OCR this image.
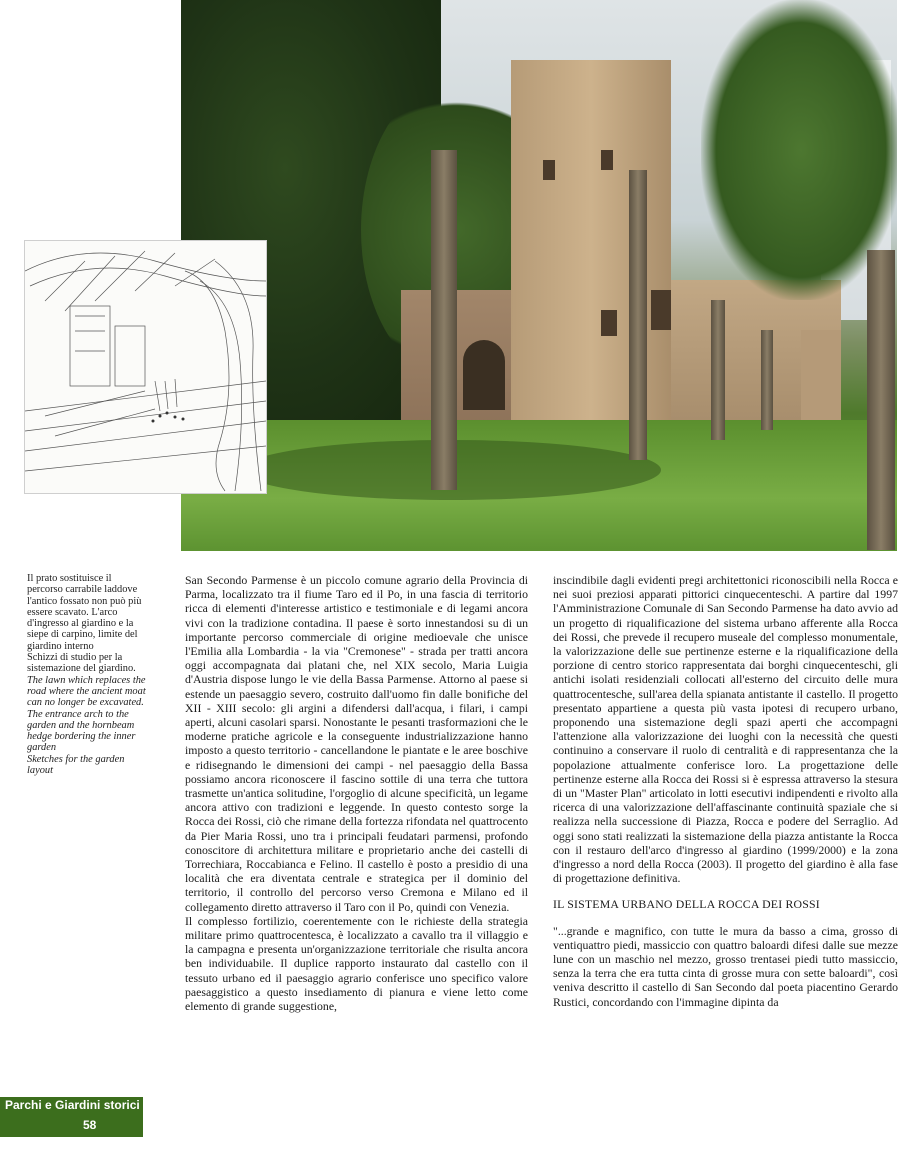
Il prato sostituisce il percorso carrabile laddove l'antico fossato non può più essere scavato. L'arco d'ingresso al giardino e la siepe di carpino, limite del giardino interno

Schizzi di studio per la sistemazione del giardino.

The lawn which replaces the road where the ancient moat can no longer be excavated. The entrance arch to the garden and the hornbeam hedge bordering the inner garden

Sketches for the garden layout

San Secondo Parmense è un piccolo comune agrario della Provincia di Parma, localizzato tra il fiume Taro ed il Po, in una fascia di territorio ricca di elementi d'interesse artistico e testimoniale e di legami ancora vivi con la tradizione contadina. Il paese è sorto innestandosi su di un importante percorso commerciale di origine medioevale che unisce l'Emilia alla Lombardia - la via "Cremonese" - strada per tratti ancora oggi accompagnata dai platani che, nel XIX secolo, Maria Luigia d'Austria dispose lungo le vie della Bassa Parmense. Attorno al paese si estende un paesaggio severo, costruito dall'uomo fin dalle bonifiche del XII - XIII secolo: gli argini a difendersi dall'acqua, i filari, i campi aperti, alcuni casolari sparsi. Nonostante le pesanti trasformazioni che le moderne pratiche agricole e la conseguente industrializzazione hanno imposto a questo territorio - cancellandone le piantate e le aree boschive e ridisegnando le dimensioni dei campi - nel paesaggio della Bassa possiamo ancora riconoscere il fascino sottile di una terra che tuttora trasmette un'antica solitudine, l'orgoglio di alcune specificità, un legame ancora attivo con tradizioni e leggende. In questo contesto sorge la Rocca dei Rossi, ciò che rimane della fortezza rifondata nel quattrocento da Pier Maria Rossi, uno tra i principali feudatari parmensi, profondo conoscitore di architettura militare e proprietario anche dei castelli di Torrechiara, Roccabianca e Felino. Il castello è posto a presidio di una località che era diventata centrale e strategica per il dominio del territorio, il controllo del percorso verso Cremona e Milano ed il collegamento diretto attraverso il Taro con il Po, quindi con Venezia.

Il complesso fortilizio, coerentemente con le richieste della strategia militare primo quattrocentesca, è localizzato a cavallo tra il villaggio e la campagna e presenta un'organizzazione territoriale che risulta ancora ben individuabile. Il duplice rapporto instaurato dal castello con il tessuto urbano ed il paesaggio agrario conferisce uno specifico valore paesaggistico a questo insediamento di pianura e viene letto come elemento di grande suggestione,

inscindibile dagli evidenti pregi architettonici riconoscibili nella Rocca e nei suoi preziosi apparati pittorici cinquecenteschi. A partire dal 1997 l'Amministrazione Comunale di San Secondo Parmense ha dato avvio ad un progetto di riqualificazione del sistema urbano afferente alla Rocca dei Rossi, che prevede il recupero museale del complesso monumentale, la valorizzazione delle sue pertinenze esterne e la riqualificazione della porzione di centro storico rappresentata dai borghi cinquecenteschi, gli antichi isolati residenziali collocati all'esterno del circuito delle mura quattrocentesche, sull'area della spianata antistante il castello. Il progetto presentato appartiene a questa più vasta ipotesi di recupero urbano, proponendo una sistemazione degli spazi aperti che accompagni l'attenzione alla valorizzazione dei luoghi con la necessità che questi continuino a conservare il ruolo di centralità e di rappresentanza che la popolazione attualmente conferisce loro. La progettazione delle pertinenze esterne alla Rocca dei Rossi si è espressa attraverso la stesura di un "Master Plan" articolato in lotti esecutivi indipendenti e rivolto alla ricerca di una valorizzazione dell'affascinante continuità spaziale che si realizza nella successione di Piazza, Rocca e podere del Serraglio. Ad oggi sono stati realizzati la sistemazione della piazza antistante la Rocca con il restauro dell'arco d'ingresso al giardino (1999/2000) e la zona d'ingresso a nord della Rocca (2003). Il progetto del giardino è alla fase di progettazione definitiva.

IL SISTEMA URBANO DELLA ROCCA DEI ROSSI

"...grande e magnifico, con tutte le mura da basso a cima, grosso di ventiquattro piedi, massiccio con quattro baloardi difesi dalle sue mezze lune con un maschio nel mezzo, grosso trentasei piedi tutto massiccio, senza la terra che era tutta cinta di grosse mura con sette baloardi", così veniva descritto il castello di San Secondo dal poeta piacentino Gerardo Rustici, concordando con l'immagine dipinta da

Parchi e Giardini storici
58
